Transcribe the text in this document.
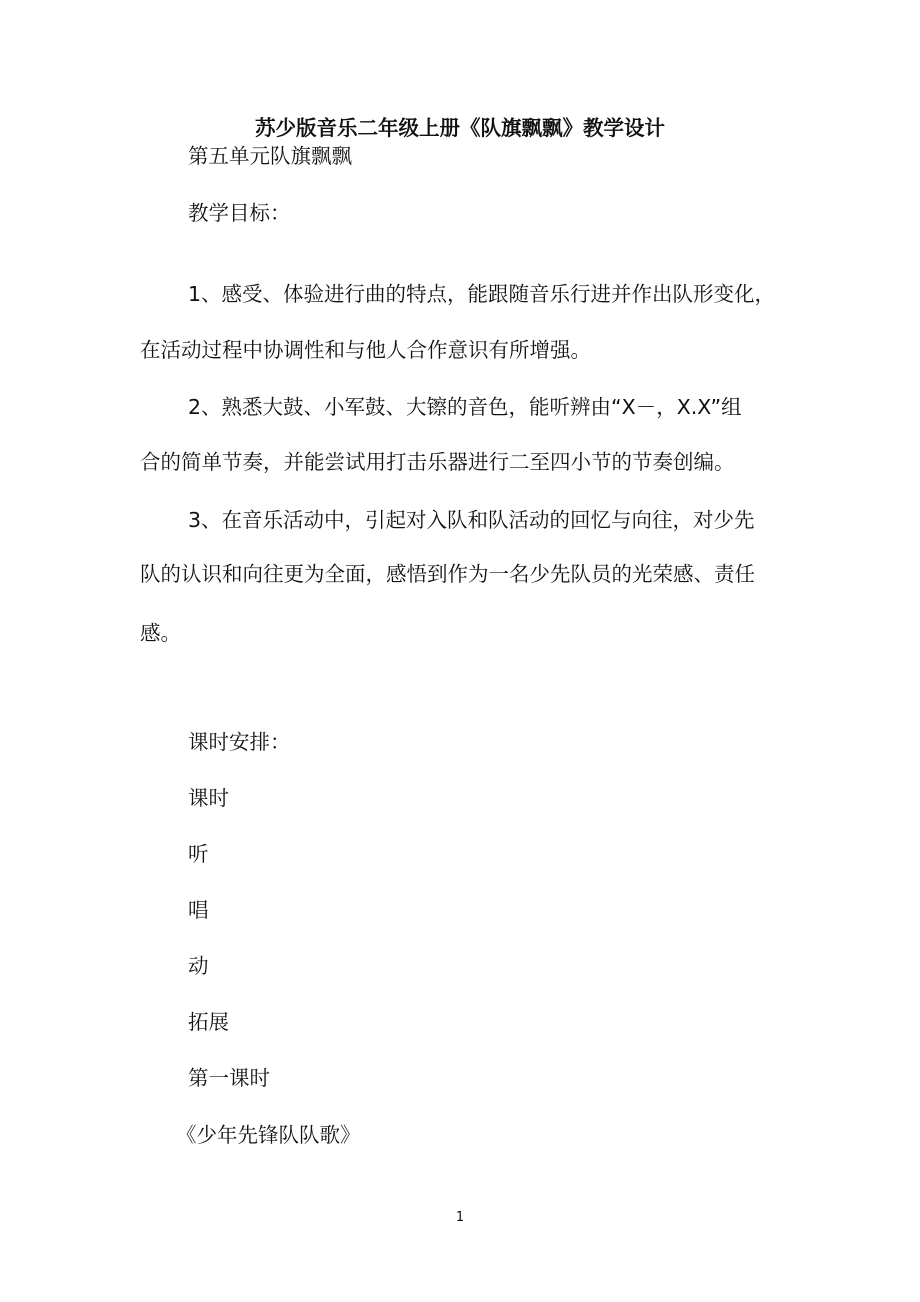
苏少版音乐二年级上册《队旗飘飘》教学设计
第五单元队旗飘飘
教学目标：
1、感受、体验进行曲的特点，能跟随音乐行进并作出队形变化，
在活动过程中协调性和与他人合作意识有所增强。
2、熟悉大鼓、小军鼓、大镲的音色，能听辨由“X－，X.X”组
合的简单节奏，并能尝试用打击乐器进行二至四小节的节奏创编。
3、在音乐活动中，引起对入队和队活动的回忆与向往，对少先
队的认识和向往更为全面，感悟到作为一名少先队员的光荣感、责任
感。
课时安排：
课时
听
唱
动
拓展
第一课时
《少年先锋队队歌》
1
